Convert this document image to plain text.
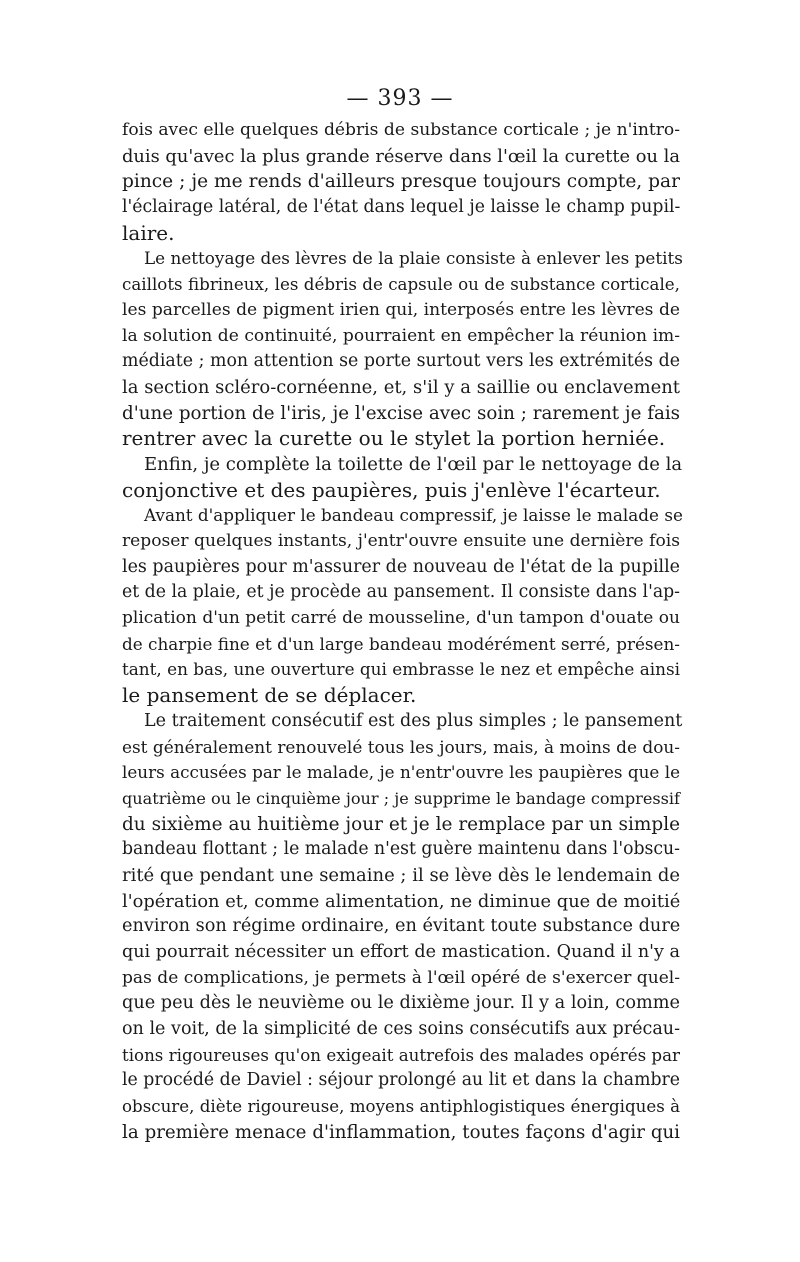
— 393 —
fois avec elle quelques débris de substance corticale ; je n'intro-
duis qu'avec la plus grande réserve dans l'œil la curette ou la
pince ; je me rends d'ailleurs presque toujours compte, par
l'éclairage latéral, de l'état dans lequel je laisse le champ pupil-
laire.
Le nettoyage des lèvres de la plaie consiste à enlever les petits
caillots fibrineux, les débris de capsule ou de substance corticale,
les parcelles de pigment irien qui, interposés entre les lèvres de
la solution de continuité, pourraient en empêcher la réunion im-
médiate ; mon attention se porte surtout vers les extrémités de
la section scléro-cornéenne, et, s'il y a saillie ou enclavement
d'une portion de l'iris, je l'excise avec soin ; rarement je fais
rentrer avec la curette ou le stylet la portion herniée.
Enfin, je complète la toilette de l'œil par le nettoyage de la
conjonctive et des paupières, puis j'enlève l'écarteur.
Avant d'appliquer le bandeau compressif, je laisse le malade se
reposer quelques instants, j'entr'ouvre ensuite une dernière fois
les paupières pour m'assurer de nouveau de l'état de la pupille
et de la plaie, et je procède au pansement. Il consiste dans l'ap-
plication d'un petit carré de mousseline, d'un tampon d'ouate ou
de charpie fine et d'un large bandeau modérément serré, présen-
tant, en bas, une ouverture qui embrasse le nez et empêche ainsi
le pansement de se déplacer.
Le traitement consécutif est des plus simples ; le pansement
est généralement renouvelé tous les jours, mais, à moins de dou-
leurs accusées par le malade, je n'entr'ouvre les paupières que le
quatrième ou le cinquième jour ; je supprime le bandage compressif
du sixième au huitième jour et je le remplace par un simple
bandeau flottant ; le malade n'est guère maintenu dans l'obscu-
rité que pendant une semaine ; il se lève dès le lendemain de
l'opération et, comme alimentation, ne diminue que de moitié
environ son régime ordinaire, en évitant toute substance dure
qui pourrait nécessiter un effort de mastication. Quand il n'y a
pas de complications, je permets à l'œil opéré de s'exercer quel-
que peu dès le neuvième ou le dixième jour. Il y a loin, comme
on le voit, de la simplicité de ces soins consécutifs aux précau-
tions rigoureuses qu'on exigeait autrefois des malades opérés par
le procédé de Daviel : séjour prolongé au lit et dans la chambre
obscure, diète rigoureuse, moyens antiphlogistiques énergiques à
la première menace d'inflammation, toutes façons d'agir qui
